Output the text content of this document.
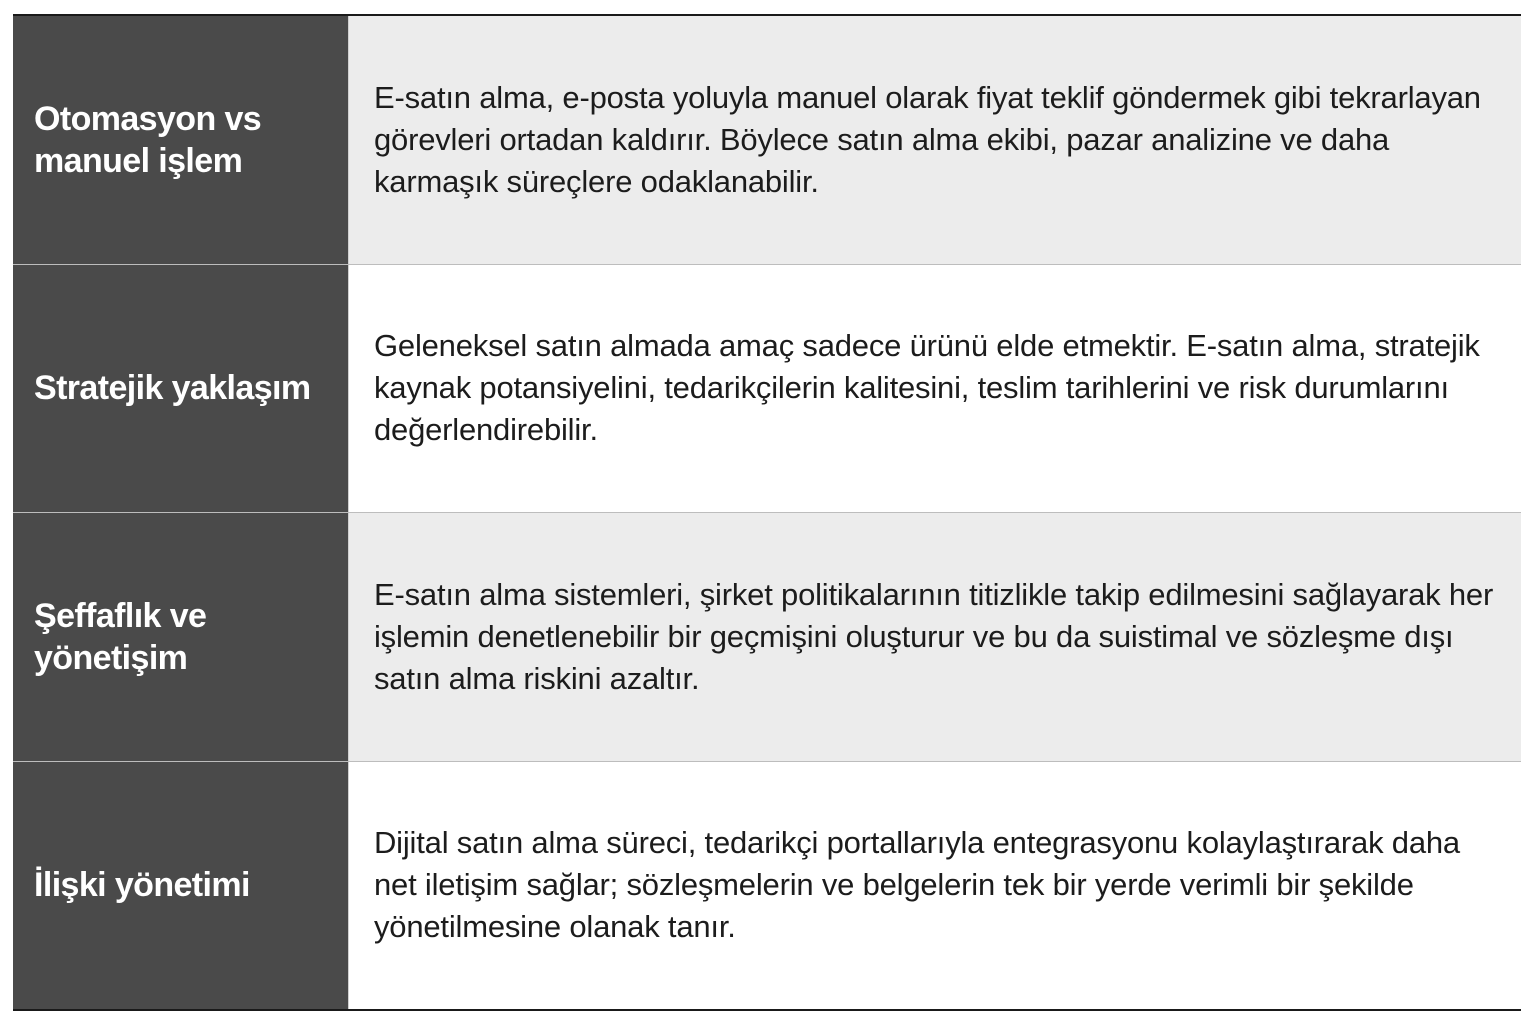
Otomasyon vs manuel işlem

E-satın alma, e-posta yoluyla manuel olarak fiyat teklif göndermek gibi tekrarlayan görevleri ortadan kaldırır. Böylece satın alma ekibi, pazar analizine ve daha karmaşık süreçlere odaklanabilir.

Stratejik yaklaşım

Geleneksel satın almada amaç sadece ürünü elde etmektir. E-satın alma, stratejik kaynak potansiyelini, tedarikçilerin kalitesini, teslim tarihlerini ve risk durumlarını değerlendirebilir.

Şeffaflık ve yönetişim

E-satın alma sistemleri, şirket politikalarının titizlikle takip edilmesini sağlayarak her işlemin denetlenebilir bir geçmişini oluşturur ve bu da suistimal ve sözleşme dışı satın alma riskini azaltır.

İlişki yönetimi

Dijital satın alma süreci, tedarikçi portallarıyla entegrasyonu kolaylaştırarak daha net iletişim sağlar; sözleşmelerin ve belgelerin tek bir yerde verimli bir şekilde yönetilmesine olanak tanır.
